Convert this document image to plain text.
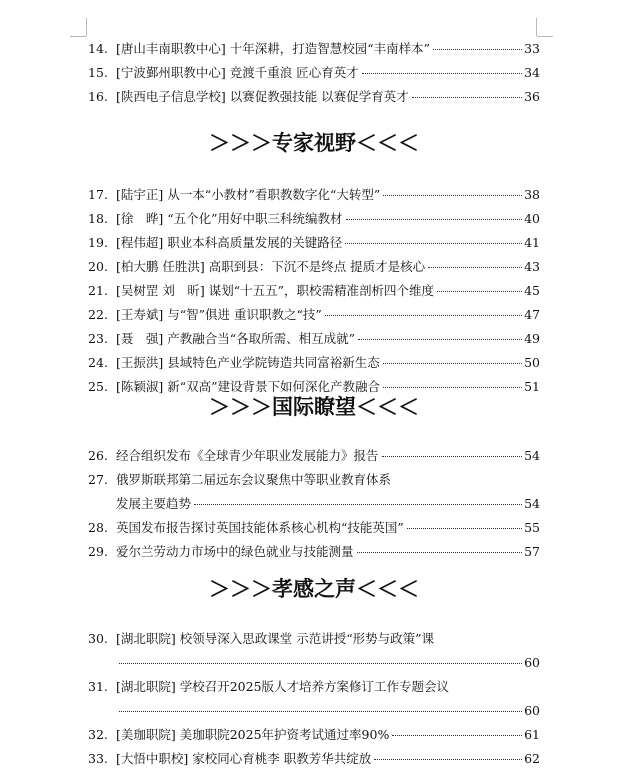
14. [唐山丰南职教中心] 十年深耕，打造智慧校园“丰南样本”	33
15. [宁波鄞州职教中心] 竞渡千重浪 匠心育英才	34
16. [陕西电子信息学校] 以赛促教强技能 以赛促学育英才	36
＞＞＞专家视野＜＜＜
17. [陆宇正] 从一本“小教材”看职教数字化“大转型”	38
18. [徐　晔] “五个化”用好中职三科统编教材	40
19. [程伟超] 职业本科高质量发展的关键路径	41
20. [柏大鹏 任胜洪] 高职到县：下沉不是终点 提质才是核心	43
21. [吴树罡 刘　昕] 谋划“十五五”，职校需精准剖析四个维度	45
22. [王寿斌] 与“智”俱进 重识职教之“技”	47
23. [聂　强] 产教融合当“各取所需、相互成就”	49
24. [王振洪] 县域特色产业学院铸造共同富裕新生态	50
25. [陈颖淑] 新“双高”建设背景下如何深化产教融合	51
＞＞＞国际瞭望＜＜＜
26. 经合组织发布《全球青少年职业发展能力》报告	54
27. 俄罗斯联邦第二届远东会议聚焦中等职业教育体系
发展主要趋势	54
28. 英国发布报告探讨英国技能体系核心机构“技能英国”	55
29. 爱尔兰劳动力市场中的绿色就业与技能测量	57
＞＞＞孝感之声＜＜＜
30. [湖北职院] 校领导深入思政课堂 示范讲授“形势与政策”课
60
31. [湖北职院] 学校召开2025版人才培养方案修订工作专题会议
60
32. [美珈职院] 美珈职院2025年护资考试通过率90%	61
33. [大悟中职校] 家校同心育桃李 职教芳华共绽放	62
